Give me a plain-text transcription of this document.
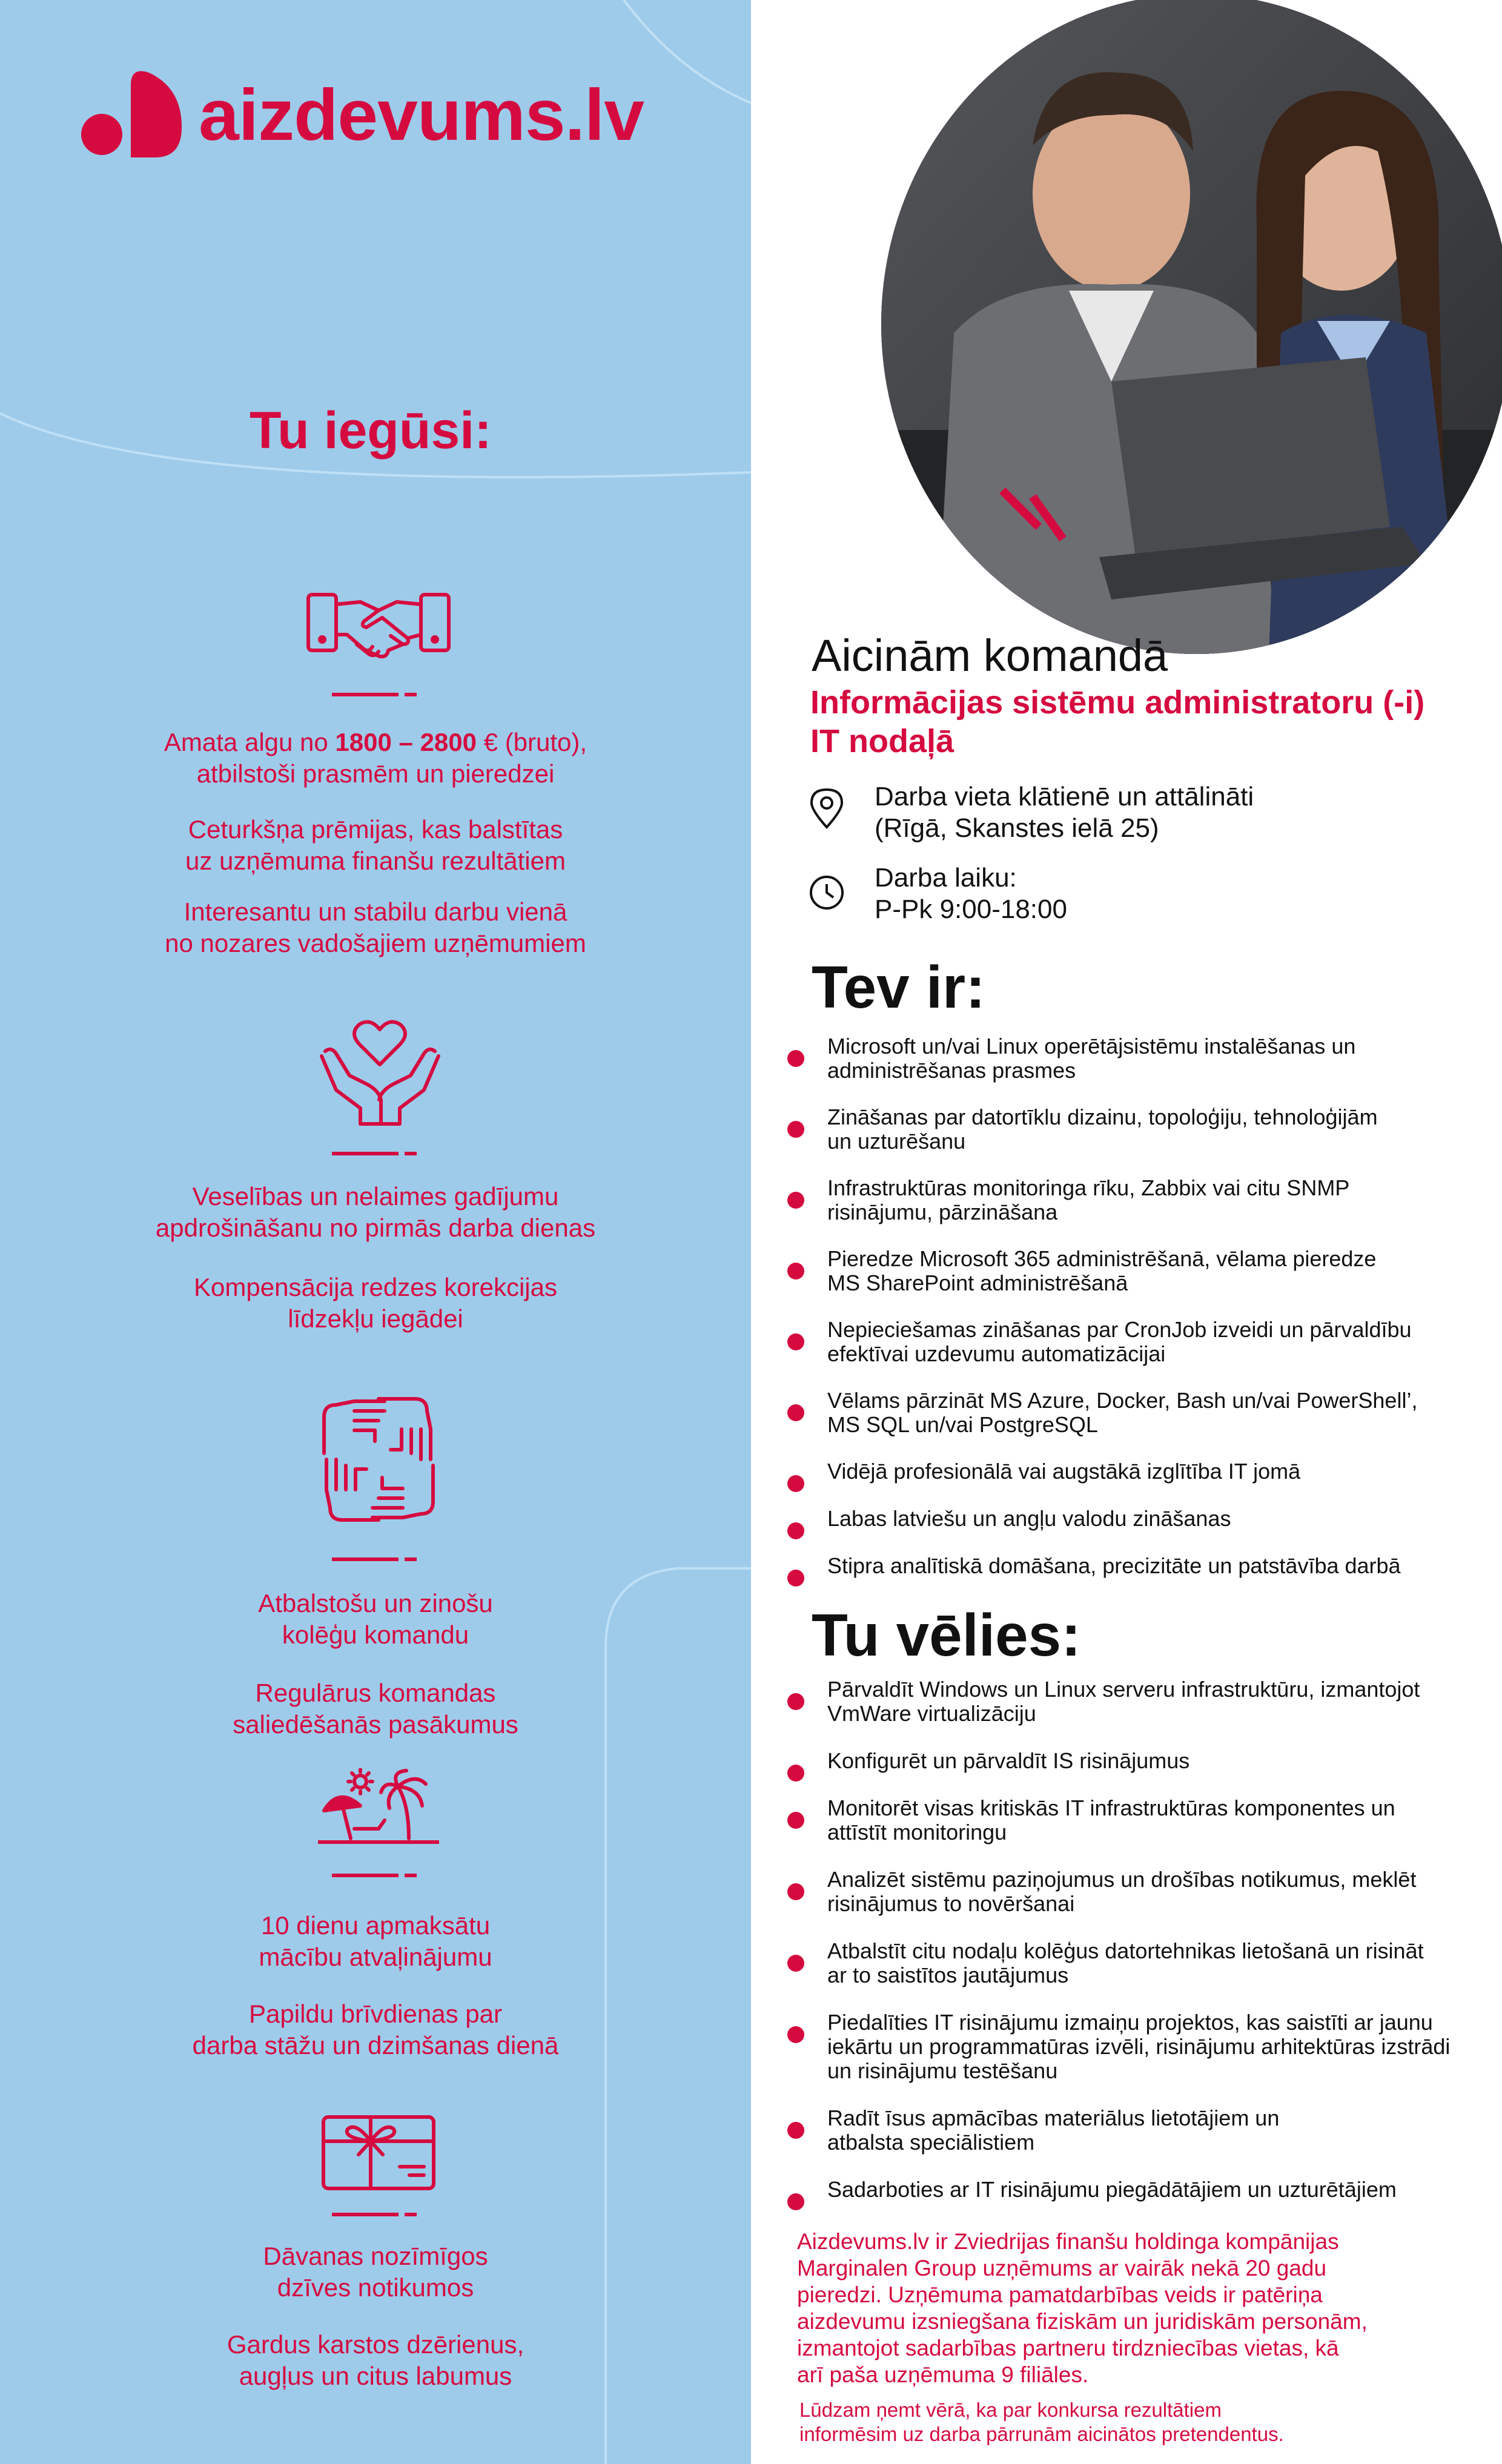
aizdevums.lv
Tu iegūsi:
Amata algu no 1800 – 2800 € (bruto),
atbilstoši prasmēm un pieredzei
Ceturkšņa prēmijas, kas balstītas
uz uzņēmuma finanšu rezultātiem
Interesantu un stabilu darbu vienā
no nozares vadošajiem uzņēmumiem
Veselības un nelaimes gadījumu
apdrošināšanu no pirmās darba dienas
Kompensācija redzes korekcijas
līdzekļu iegādei
Atbalstošu un zinošu
kolēģu komandu
Regulārus komandas
saliedēšanās pasākumus
10 dienu apmaksātu
mācību atvaļinājumu
Papildu brīvdienas par
darba stāžu un dzimšanas dienā
Dāvanas nozīmīgos
dzīves notikumos
Gardus karstos dzērienus,
augļus un citus labumus
Aicinām komandā
Informācijas sistēmu administratoru (-i)
IT nodaļā
Darba vieta klātienē un attālināti
(Rīgā, Skanstes ielā 25)
Darba laiku:
P-Pk 9:00-18:00
Tev ir:
Microsoft un/vai Linux operētājsistēmu instalēšanas un
administrēšanas prasmes
Zināšanas par datortīklu dizainu, topoloģiju, tehnoloģijām
un uzturēšanu
Infrastruktūras monitoringa rīku, Zabbix vai citu SNMP
risinājumu, pārzināšana
Pieredze Microsoft 365 administrēšanā, vēlama pieredze
MS SharePoint administrēšanā
Nepieciešamas zināšanas par CronJob izveidi un pārvaldību
efektīvai uzdevumu automatizācijai
Vēlams pārzināt MS Azure, Docker, Bash un/vai PowerShell’,
MS SQL un/vai PostgreSQL
Vidējā profesionālā vai augstākā izglītība IT jomā
Labas latviešu un angļu valodu zināšanas
Stipra analītiskā domāšana, precizitāte un patstāvība darbā
Tu vēlies:
Pārvaldīt Windows un Linux serveru infrastruktūru, izmantojot
VmWare virtualizāciju
Konfigurēt un pārvaldīt IS risinājumus
Monitorēt visas kritiskās IT infrastruktūras komponentes un
attīstīt monitoringu
Analizēt sistēmu paziņojumus un drošības notikumus, meklēt
risinājumus to novēršanai
Atbalstīt citu nodaļu kolēģus datortehnikas lietošanā un risināt
ar to saistītos jautājumus
Piedalīties IT risinājumu izmaiņu projektos, kas saistīti ar jaunu
iekārtu un programmatūras izvēli, risinājumu arhitektūras izstrādi
un risinājumu testēšanu
Radīt īsus apmācības materiālus lietotājiem un
atbalsta speciālistiem
Sadarboties ar IT risinājumu piegādātājiem un uzturētājiem
Aizdevums.lv ir Zviedrijas finanšu holdinga kompānijas
Marginalen Group uzņēmums ar vairāk nekā 20 gadu
pieredzi. Uzņēmuma pamatdarbības veids ir patēriņa
aizdevumu izsniegšana fiziskām un juridiskām personām,
izmantojot sadarbības partneru tirdzniecības vietas, kā
arī paša uzņēmuma 9 filiāles.
Lūdzam ņemt vērā, ka par konkursa rezultātiem
informēsim uz darba pārrunām aicinātos pretendentus.
